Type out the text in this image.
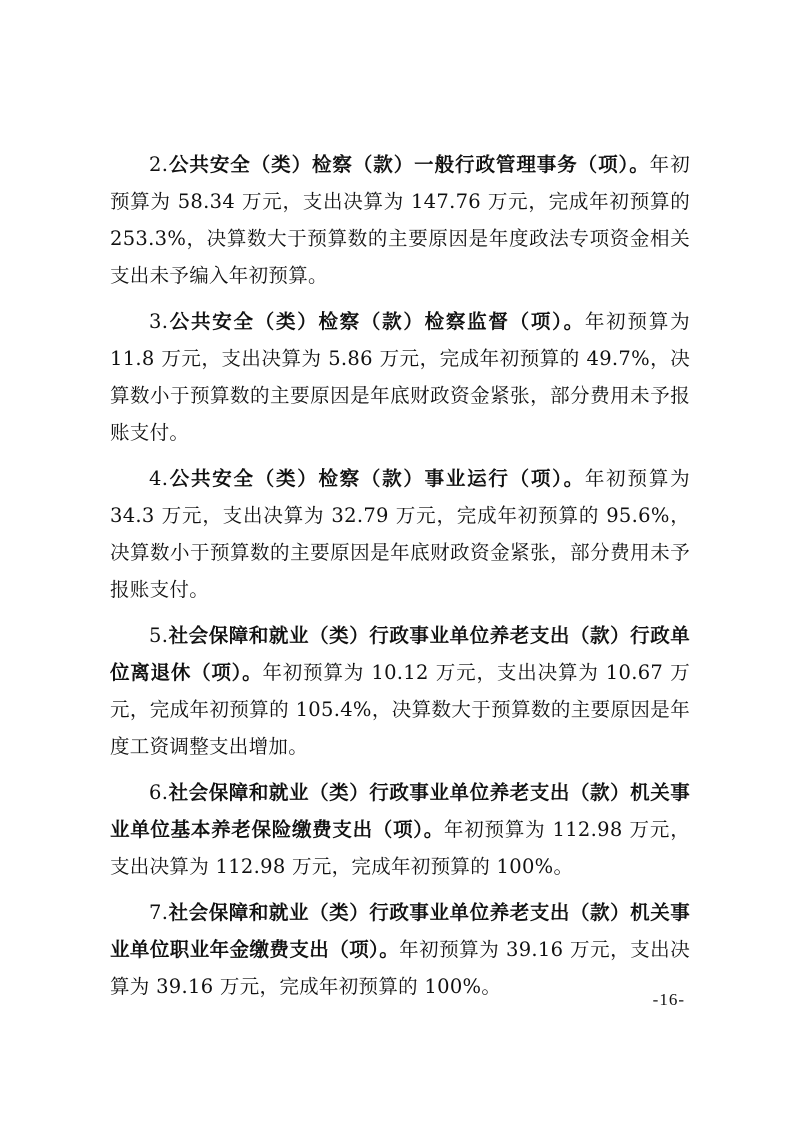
2.公共安全（类）检察（款）一般行政管理事务（项）。年初预算为 58.34 万元，支出决算为 147.76 万元，完成年初预算的 253.3%，决算数大于预算数的主要原因是年度政法专项资金相关支出未予编入年初预算。

3.公共安全（类）检察（款）检察监督（项）。年初预算为 11.8 万元，支出决算为 5.86 万元，完成年初预算的 49.7%，决算数小于预算数的主要原因是年底财政资金紧张，部分费用未予报账支付。

4.公共安全（类）检察（款）事业运行（项）。年初预算为 34.3 万元，支出决算为 32.79 万元，完成年初预算的 95.6%，决算数小于预算数的主要原因是年底财政资金紧张，部分费用未予报账支付。

5.社会保障和就业（类）行政事业单位养老支出（款）行政单位离退休（项）。年初预算为 10.12 万元，支出决算为 10.67 万元，完成年初预算的 105.4%，决算数大于预算数的主要原因是年度工资调整支出增加。

6.社会保障和就业（类）行政事业单位养老支出（款）机关事业单位基本养老保险缴费支出（项）。年初预算为 112.98 万元，支出决算为 112.98 万元，完成年初预算的 100%。

7.社会保障和就业（类）行政事业单位养老支出（款）机关事业单位职业年金缴费支出（项）。年初预算为 39.16 万元，支出决算为 39.16 万元，完成年初预算的 100%。

-16-
